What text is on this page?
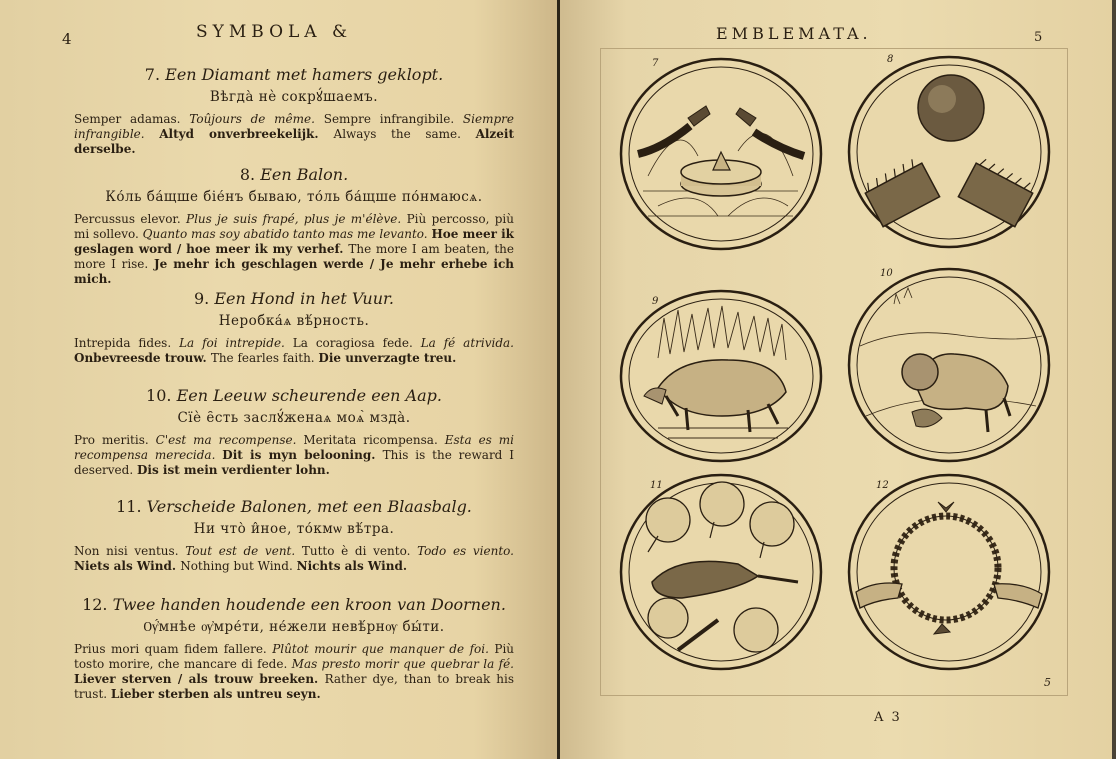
4	SYMBOLA &

7. Een Diamant met hamers geklopt.

Вѣгда̀ нѐ сокрꙋ́шаемъ.

Semper adamas. Toûjours de même. Sempre infrangibile. Siempre infrangible. Altyd onverbreekelijk. Always the same. Alzeit derselbe.

8. Een Balon.

Ко́ль ба́щше біе́нъ бываю, то́ль ба́щше по́нмаюсѧ.

Percussus elevor. Plus je suis frapé, plus je m'élève. Più percosso, più mi sollevo. Quanto mas soy abatido tanto mas me levanto. Hoe meer ik geslagen word / hoe meer ik my verhef. The more I am beaten, the more I rise. Je mehr ich geschlagen werde / Je mehr erhebe ich mich.

9. Een Hond in het Vuur.

Неробка́ѧ вѣ́рность.

Intrepida fides. La foi intrepide. La coragiosa fede. La fé atrivida. Onbevreesde trouw. The fearles faith. Die unverzagte treu.

10. Een Leeuw scheurende een Aap.

Сїѐ е̑сть заслꙋ́женаѧ моѧ̀ мзда̀.

Pro meritis. C'est ma recompense. Meritata ricompensa. Esta es mi recompensa merecida. Dit is myn belooning. This is the reward I deserved. Dis ist mein verdienter lohn.

11. Verscheide Balonen, met een Blaasbalg.

Ни что̀ и̂ное, то́кмѡ вѣ́тра.

Non nisi ventus. Tout est de vent. Tutto è di vento. Todo es viento. Niets als Wind. Nothing but Wind. Nichts als Wind.

12. Twee handen houdende een kroon van Doornen.

Ѹ҆́мнѣе ѹ҆мре́ти, не́жели невѣ́рнѹ бы́ти.

Prius mori quam fidem fallere. Plûtot mourir que manquer de foi. Più tosto morire, che mancare di fede. Mas presto morir que quebrar la fé. Liever sterven / als trouw breeken. Rather dye, than to break his trust. Lieber sterben als untreu seyn.

EMBLEMATA.	5
7	8
9
10
11	12
5
A 3
